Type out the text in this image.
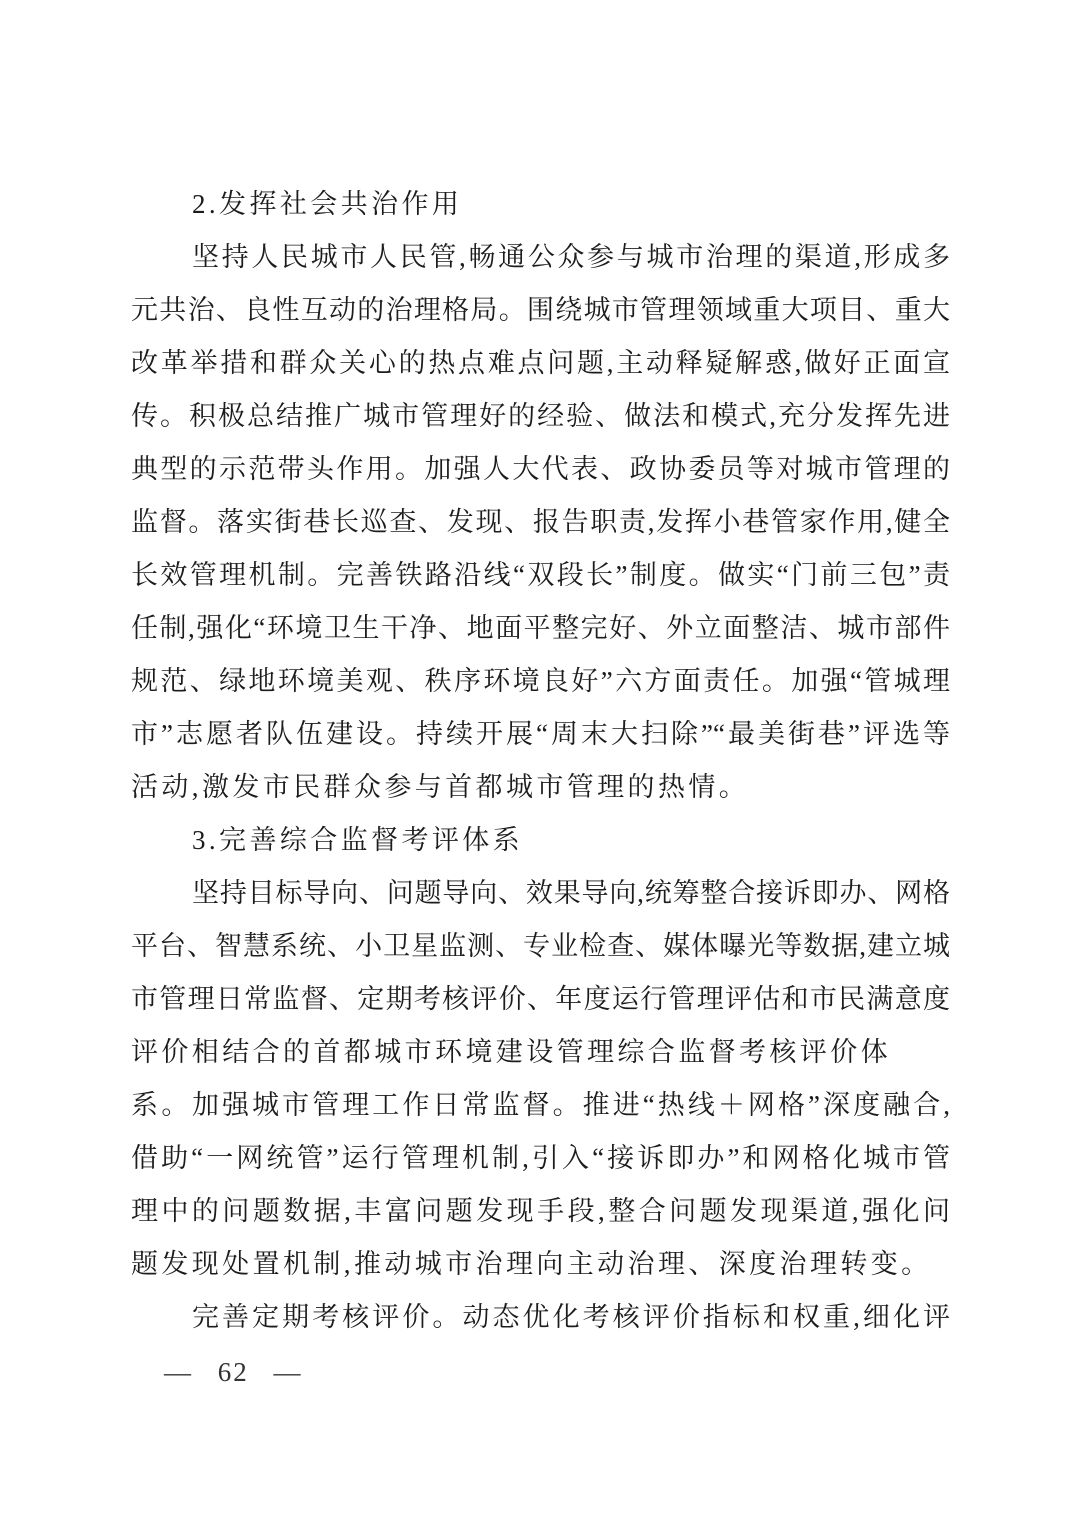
2.发挥社会共治作用
坚持人民城市人民管,畅通公众参与城市治理的渠道,形成多
元共治、良性互动的治理格局。围绕城市管理领域重大项目、重大
改革举措和群众关心的热点难点问题,主动释疑解惑,做好正面宣
传。积极总结推广城市管理好的经验、做法和模式,充分发挥先进
典型的示范带头作用。加强人大代表、政协委员等对城市管理的
监督。落实街巷长巡查、发现、报告职责,发挥小巷管家作用,健全
长效管理机制。完善铁路沿线“双段长”制度。做实“门前三包”责
任制,强化“环境卫生干净、地面平整完好、外立面整洁、城市部件
规范、绿地环境美观、秩序环境良好”六方面责任。加强“管城理
市”志愿者队伍建设。持续开展“周末大扫除”“最美街巷”评选等
活动,激发市民群众参与首都城市管理的热情。
3.完善综合监督考评体系
坚持目标导向、问题导向、效果导向,统筹整合接诉即办、网格
平台、智慧系统、小卫星监测、专业检查、媒体曝光等数据,建立城
市管理日常监督、定期考核评价、年度运行管理评估和市民满意度
评价相结合的首都城市环境建设管理综合监督考核评价体系。 加强城市管理工作日常监督。推进“热线＋网格”深度融合,
借助“一网统管”运行管理机制,引入“接诉即办”和网格化城市管
理中的问题数据,丰富问题发现手段,整合问题发现渠道,强化问
题发现处置机制,推动城市治理向主动治理、深度治理转变。
完善定期考核评价。动态优化考核评价指标和权重,细化评
— 62 —
